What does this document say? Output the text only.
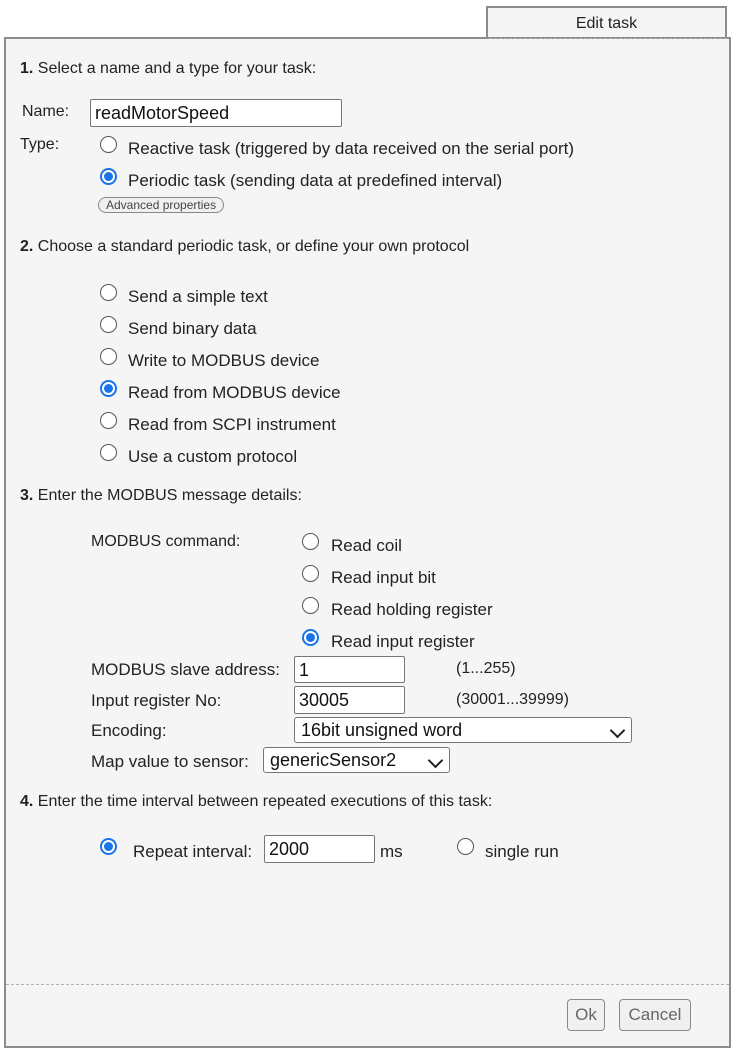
Edit task
1. Select a name and a type for your task:
Name: readMotorSpeed
Type:	Reactive task (triggered by data received on the serial port)
Periodic task (sending data at predefined interval)
Advanced properties
2. Choose a standard periodic task, or define your own protocol
Send a simple text
Send binary data
Write to MODBUS device
Read from MODBUS device
Read from SCPI instrument
Use a custom protocol
3. Enter the MODBUS message details:
MODBUS command:	Read coil
Read input bit
Read holding register
Read input register
MODBUS slave address: 1	(1...255)
Input register No:	30005	(30001...39999)
Encoding:	16bit unsigned word
Map value to sensor:	genericSensor2
4. Enter the time interval between repeated executions of this task:
Repeat interval: 2000	ms	single run
Ok	Cancel
